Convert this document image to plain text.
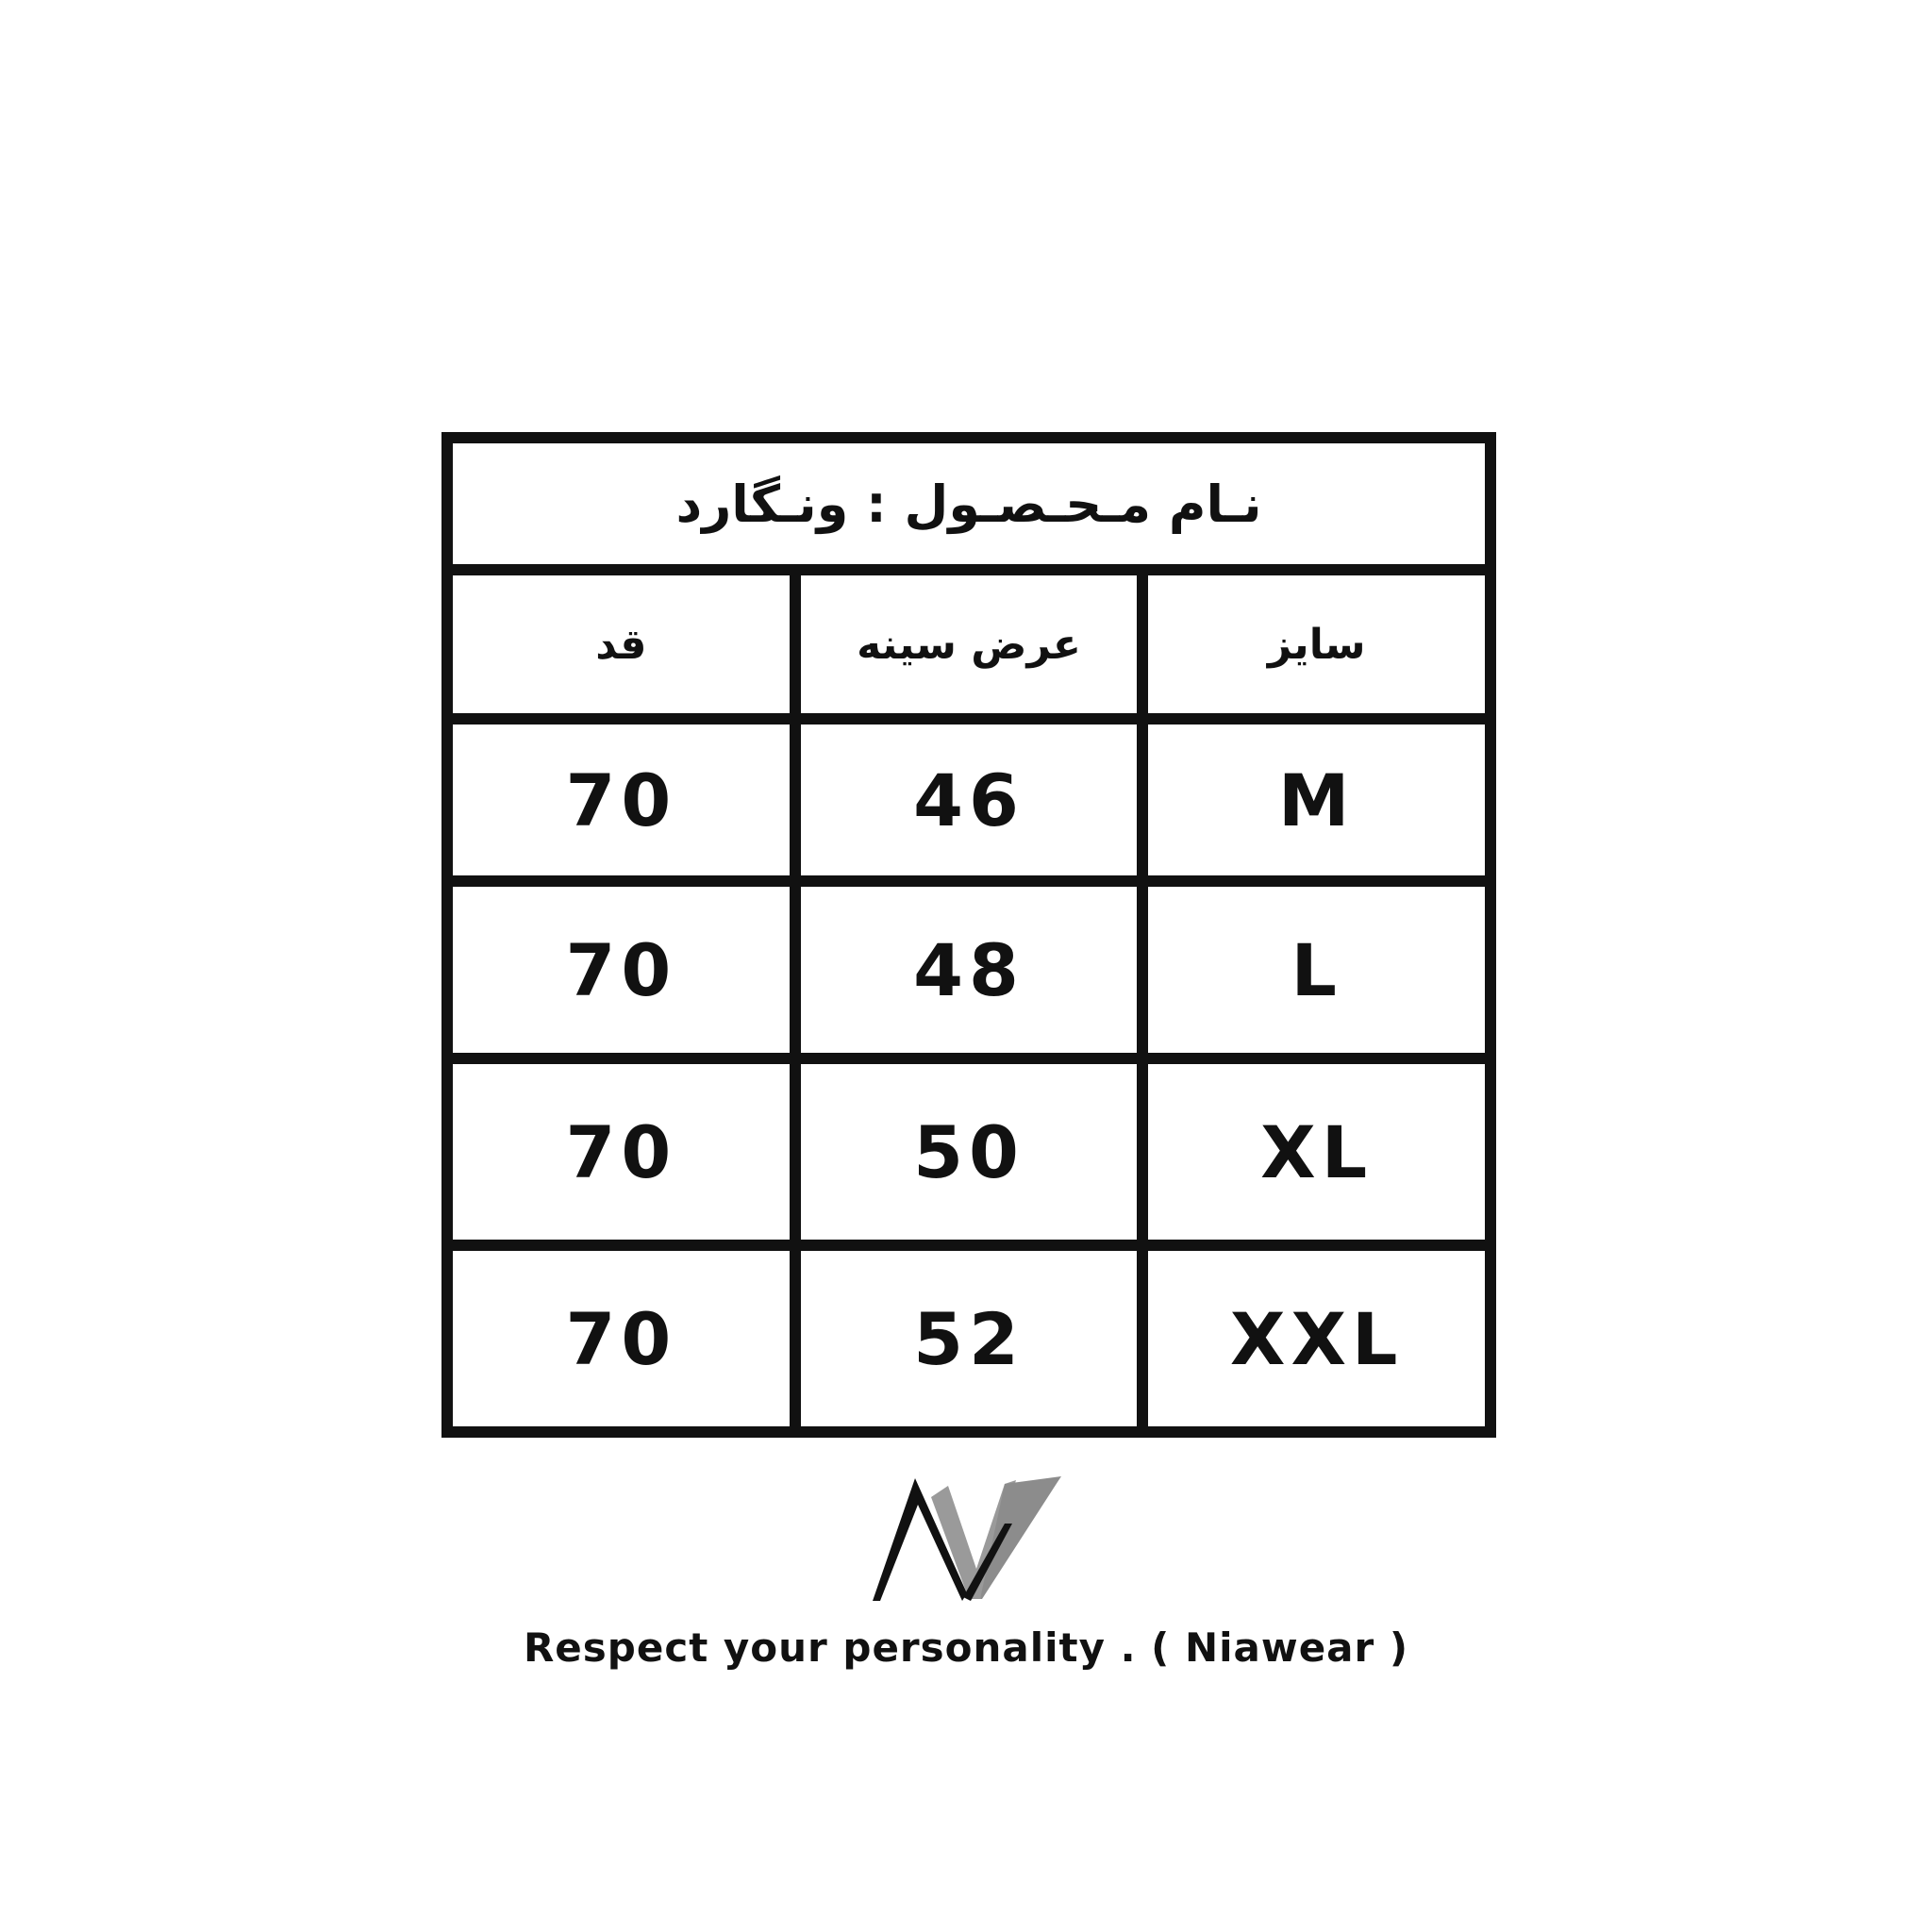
نـام مـحـصـول : ونـگارد		
قد	عرض سینه	سایز
70	46	M
70	48	L
70	50	XL
70	52	XXL
Respect your personality . ( Niawear )
